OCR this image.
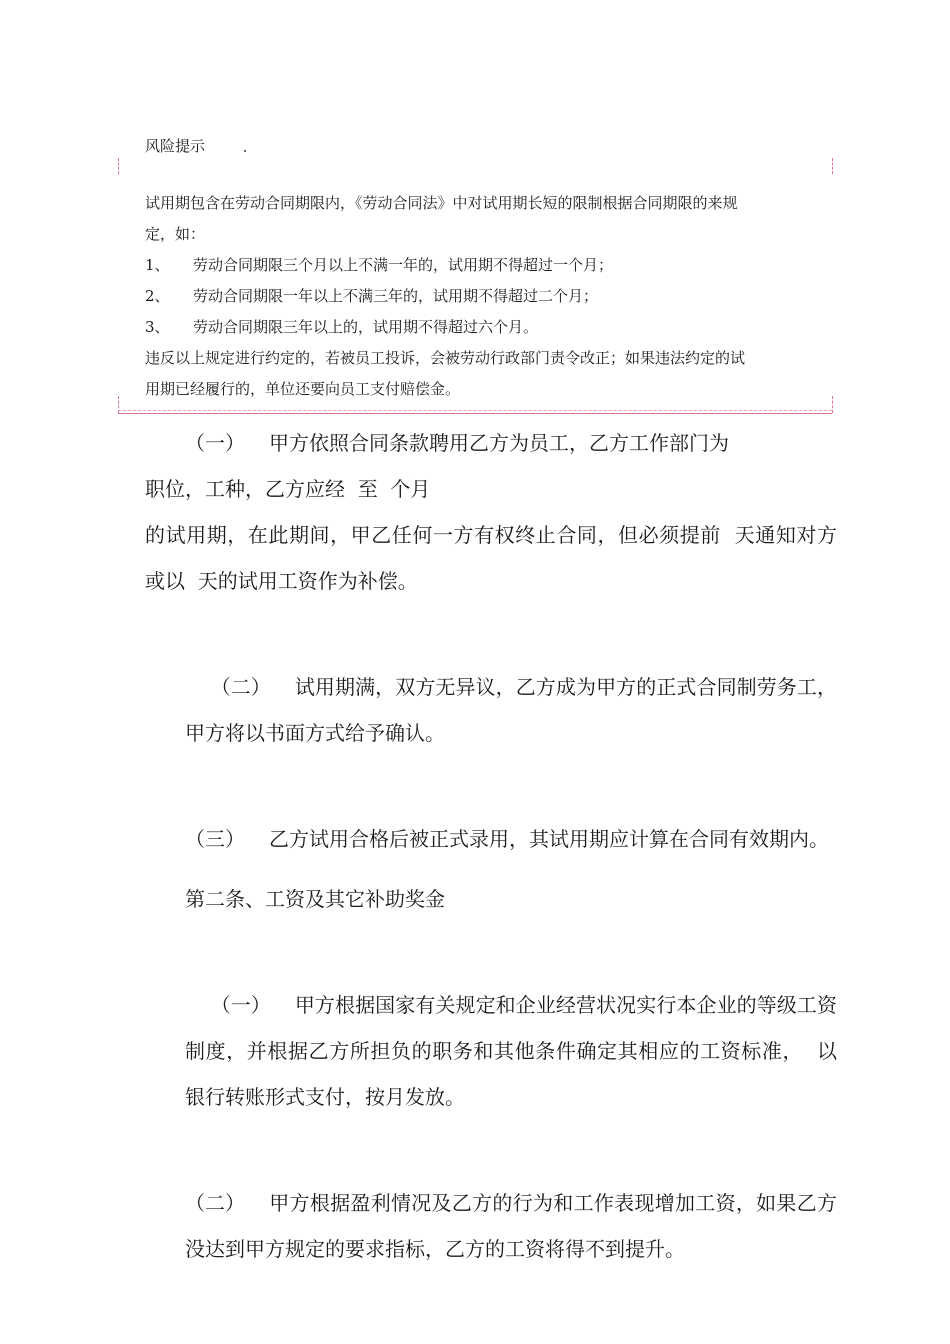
风险提示
试用期包含在劳动合同期限内，《劳动合同法》中对试用期长短的限制根据合同期限的来规
定，如：
1、	劳动合同期限三个月以上不满一年的，试用期不得超过一个月；
2、	劳动合同期限一年以上不满三年的，试用期不得超过二个月；
3、	劳动合同期限三年以上的，试用期不得超过六个月。
违反以上规定进行约定的，若被员工投诉，会被劳动行政部门责令改正；如果违法约定的试
用期已经履行的，单位还要向员工支付赔偿金。

（一） 甲方依照合同条款聘用乙方为员工，乙方工作部门为

职位，工种，乙方应经  至  个月

的试用期，在此期间，甲乙任何一方有权终止合同，但必须提前  天通知对方或以  天的试用工资作为补偿。

（二） 试用期满，双方无异议，乙方成为甲方的正式合同制劳务工，  甲方将以书面方式给予确认。

（三） 乙方试用合格后被正式录用，其试用期应计算在合同有效期内。

第二条、工资及其它补助奖金

（一） 甲方根据国家有关规定和企业经营状况实行本企业的等级工资制度，并根据乙方所担负的职务和其他条件确定其相应的工资标准，  以银行转账形式支付，按月发放。

（二） 甲方根据盈利情况及乙方的行为和工作表现增加工资，如果乙方没达到甲方规定的要求指标，乙方的工资将得不到提升。
